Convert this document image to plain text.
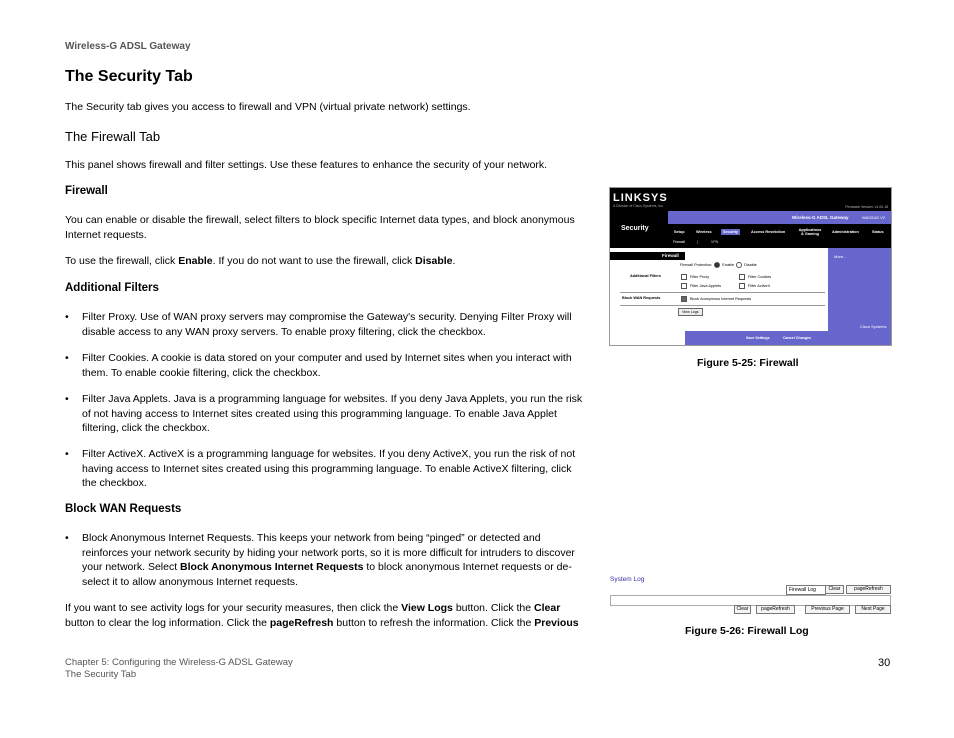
Wireless-G ADSL Gateway
The Security Tab
The Security tab gives you access to firewall and VPN (virtual private network) settings.
The Firewall Tab
This panel shows firewall and filter settings. Use these features to enhance the security of your network.
Firewall
You can enable or disable the firewall, select filters to block specific Internet data types, and block anonymous Internet requests.
To use the firewall, click Enable. If you do not want to use the firewall, click Disable.
Additional Filters
• Filter Proxy. Use of WAN proxy servers may compromise the Gateway's security. Denying Filter Proxy will disable access to any WAN proxy servers. To enable proxy filtering, click the checkbox.
• Filter Cookies. A cookie is data stored on your computer and used by Internet sites when you interact with them. To enable cookie filtering, click the checkbox.
• Filter Java Applets. Java is a programming language for websites. If you deny Java Applets, you run the risk of not having access to Internet sites created using this programming language. To enable Java Applet filtering, click the checkbox.
• Filter ActiveX. ActiveX is a programming language for websites. If you deny ActiveX, you run the risk of not having access to Internet sites created using this programming language. To enable ActiveX filtering, click the checkbox.
Block WAN Requests
• Block Anonymous Internet Requests. This keeps your network from being “pinged” or detected and reinforces your network security by hiding your network ports, so it is more difficult for intruders to discover your network. Select Block Anonymous Internet Requests to block anonymous Internet requests or de-select it to allow anonymous Internet requests.
If you want to see activity logs for your security measures, then click the View Logs button. Click the Clear button to clear the log information. Click the pageRefresh button to refresh the information. Click the Previous
LINKSYS
A Division of Cisco Systems, Inc.	Firmware Version: v1.00.18
Security
Wireless-G ADSL Gateway	WAG54G V2
Setup	Wireless	Security	Access Restriction	Applications & Gaming	Administration	Status
Firewall	|	VPN
Firewall
Firewall Protection:	Enable	Disable
Additional Filters	Filter Proxy	Filter Cookies
Filter Java Applets	Filter ActiveX
Block WAN Requests	Block Anonymous Internet Requests
View Logs
More...
Save Settings	Cancel Changes
Cisco Systems
Figure 5-25: Firewall
System Log
Firewall Log	Clear	pageRefresh
Clear	pageRefresh	Previous Page	Next Page
Figure 5-26: Firewall Log
Chapter 5: Configuring the Wireless-G ADSL Gateway
The Security Tab
30
